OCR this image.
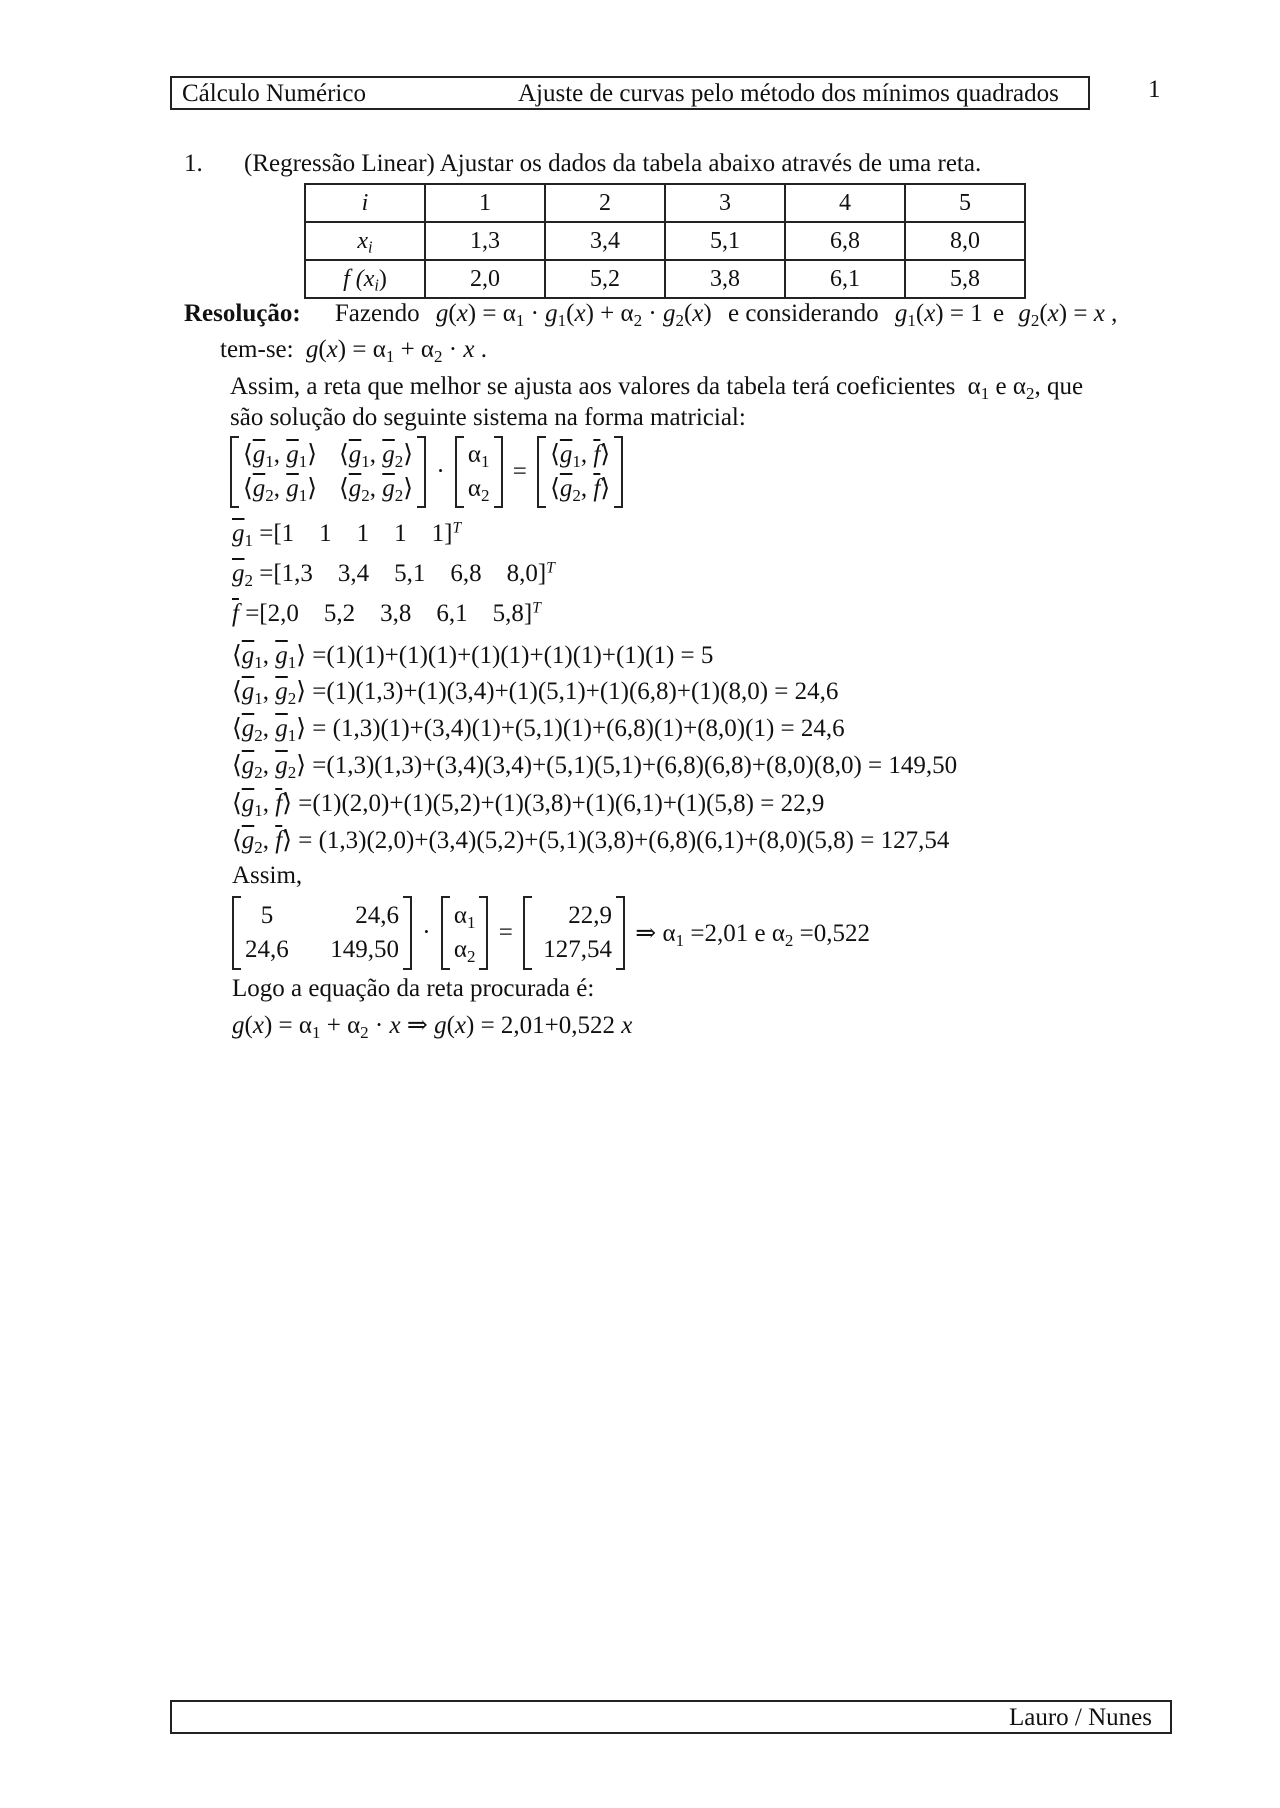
Cálculo Numérico	Ajuste de curvas pelo método dos mínimos quadrados	1
1. (Regressão Linear) Ajustar os dados da tabela abaixo através de uma reta.
i	1	2	3	4	5
$x_i$	1,3	3,4	5,1	6,8	8,0
f $(x_i)$	2,0	5,2	3,8	6,1	5,8
Resolução: Fazendo $g(x) = \alpha_1 \cdot g_1(x) + \alpha_2 \cdot g_2(x)$ e considerando $g_1(x) = 1$ e $g_2(x) = x$ ,
tem-se: $g(x) = \alpha_1 + \alpha_2 \cdot x$ .
Assim, a reta que melhor se ajusta aos valores da tabela terá coeficientes $\alpha_1$ e $\alpha_2$, que
são solução do seguinte sistema na forma matricial:
$⟨\overline{g}_1$, $\overline{g}_1⟩$ $⟨\overline{g}_1$, $\overline{g}_2⟩$
$⟨\overline{g}_2$, $\overline{g}_1⟩$ $⟨\overline{g}_2$, $\overline{g}_2⟩$
·
$\alpha_1$
$\alpha_2$
=
$⟨\overline{g}_1$, $\overline{f}⟩$
$⟨\overline{g}_2$, $\overline{f}⟩$
$\overline{g}_1 =[1$    1    1    1    1]$^T$
$\overline{g}_2 =[1,3$    3,4    5,1    6,8    8,0]$^T$
$\overline{f} =[2,0$    5,2    3,8    6,1    5,8]$^T$
$⟨\overline{g}_1$, $\overline{g}_1⟩ =(1)(1)+(1)(1)+(1)(1)+(1)(1)+(1)(1) = 5$
$⟨\overline{g}_1$, $\overline{g}_2⟩ =(1)(1,3)+(1)(3,4)+(1)(5,1)+(1)(6,8)+(1)(8,0) = 24,6$
$⟨\overline{g}_2$, $\overline{g}_1⟩ = (1,3)(1)+(3,4)(1)+(5,1)(1)+(6,8)(1)+(8,0)(1) = 24,6$
$⟨\overline{g}_2$, $\overline{g}_2⟩ =(1,3)(1,3)+(3,4)(3,4)+(5,1)(5,1)+(6,8)(6,8)+(8,0)(8,0) = 149,50$
$⟨\overline{g}_1$, $\overline{f}⟩ =(1)(2,0)+(1)(5,2)+(1)(3,8)+(1)(6,1)+(1)(5,8) = 22,9$
$⟨\overline{g}_2$, $\overline{f}⟩ = (1,3)(2,0)+(3,4)(5,2)+(5,1)(3,8)+(6,8)(6,1)+(8,0)(5,8) = 127,54$
Assim,
5	24,6
24,6	149,50
·
$\alpha_1$
$\alpha_2$
=
22,9
127,54
⇒ $\alpha_1 =2,01$ e $\alpha_2 =0,522$
Logo a equação da reta procurada é:
$g(x) = \alpha_1 + \alpha_2 \cdot x$ ⇒ g(x) = 2,01+0,522 x
Lauro / Nunes
